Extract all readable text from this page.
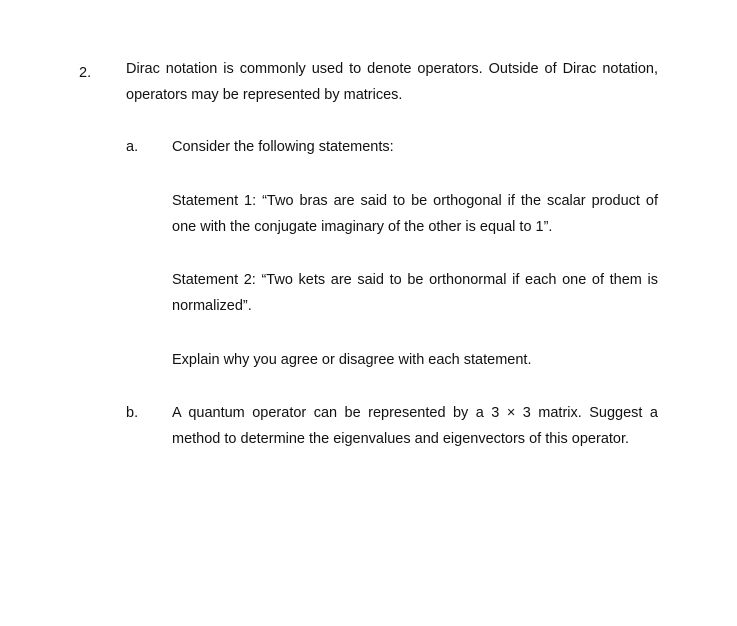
2. Dirac notation is commonly used to denote operators. Outside of Dirac notation, operators may be represented by matrices.
a. Consider the following statements:
Statement 1: “Two bras are said to be orthogonal if the scalar product of one with the conjugate imaginary of the other is equal to 1”.
Statement 2: “Two kets are said to be orthonormal if each one of them is normalized”.
Explain why you agree or disagree with each statement.
b. A quantum operator can be represented by a 3 × 3 matrix. Suggest a method to determine the eigenvalues and eigenvectors of this operator.
